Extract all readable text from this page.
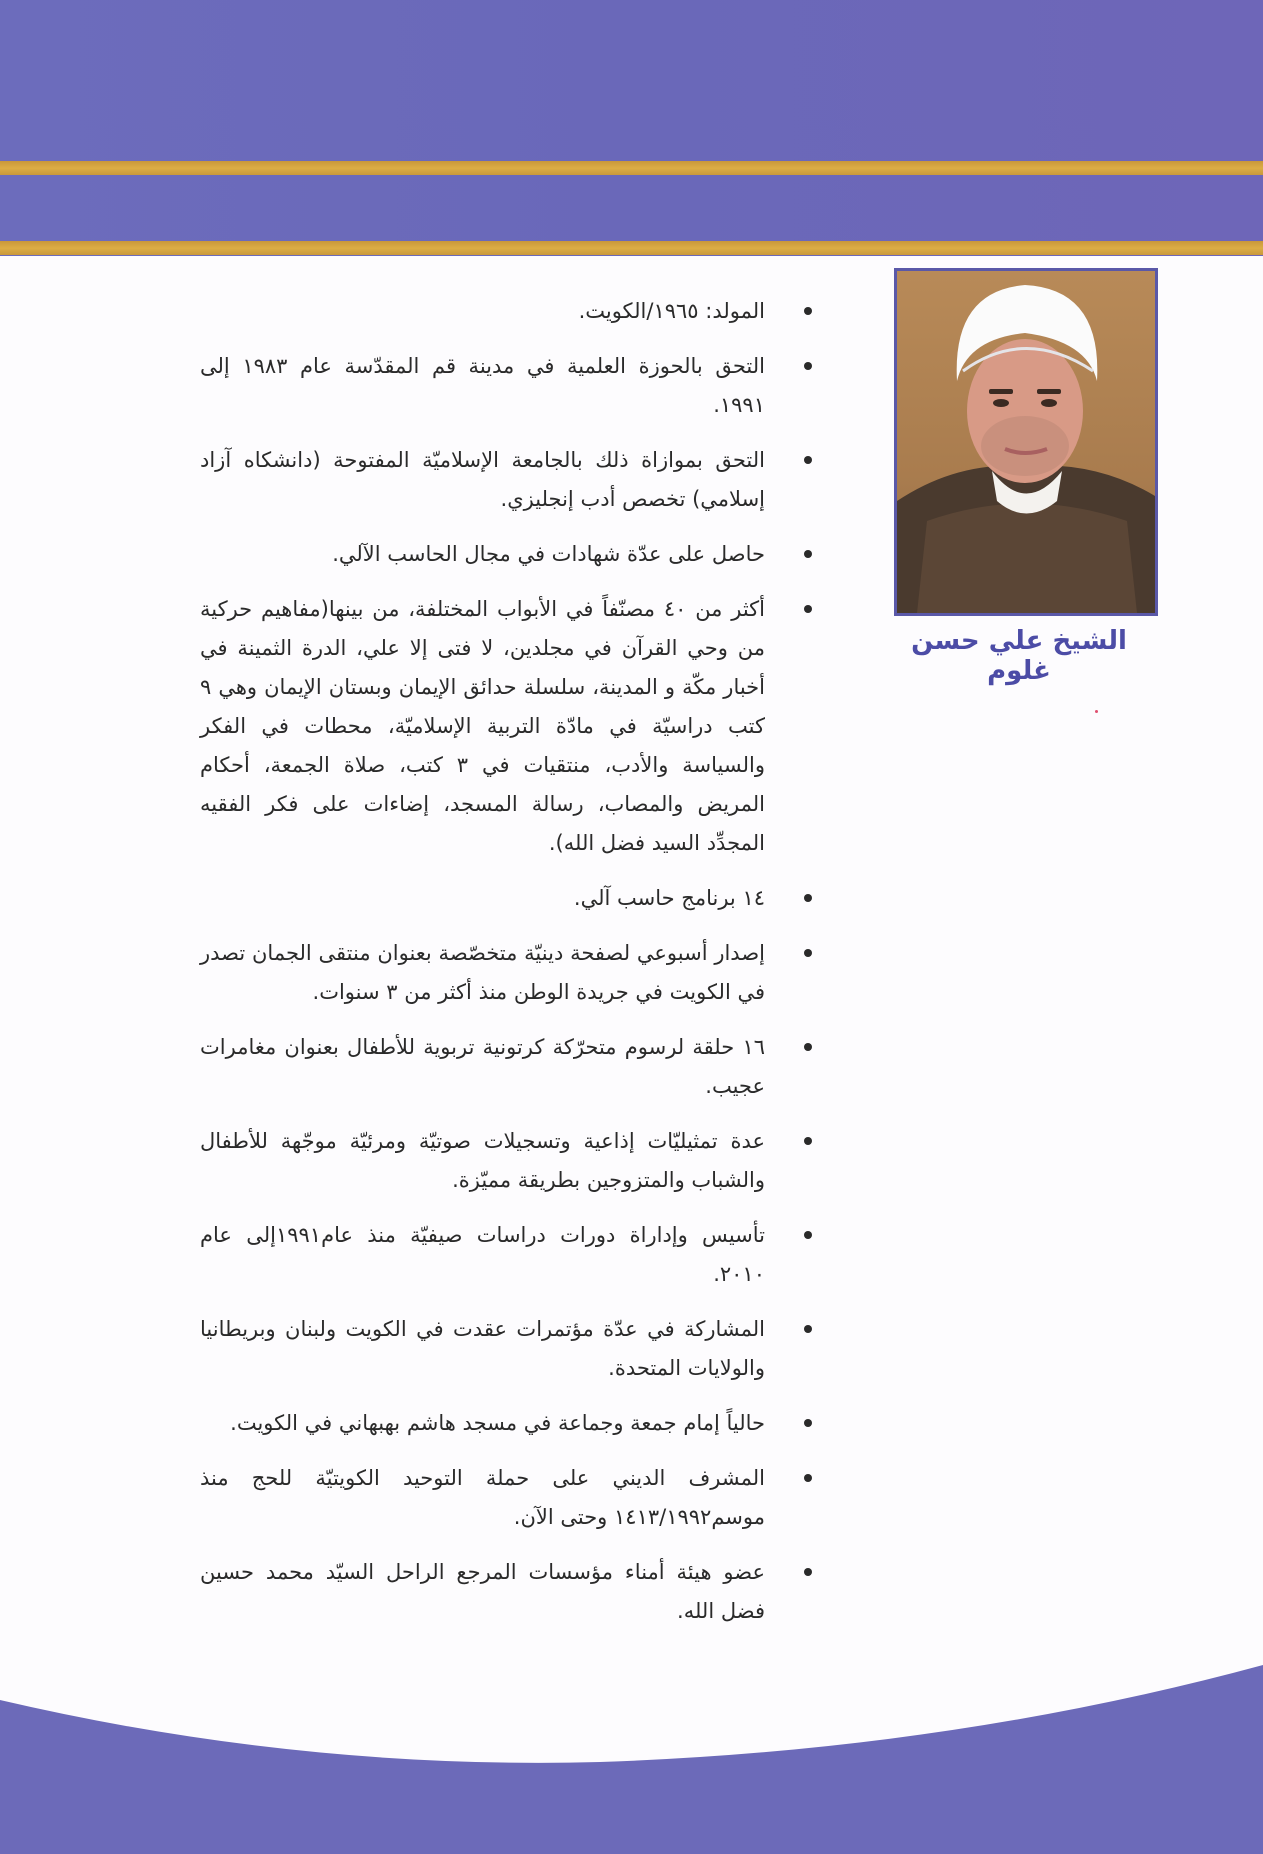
الشيخ علي حسن غلوم
المولد: ١٩٦٥/الكويت.
التحق بالحوزة العلمية في مدينة قم المقدّسة عام ١٩٨٣ إلى ١٩٩١.
التحق بموازاة ذلك بالجامعة الإسلاميّة المفتوحة (دانشكاه آزاد إسلامي) تخصص أدب إنجليزي.
حاصل على عدّة شهادات في مجال الحاسب الآلي.
أكثر من ٤٠ مصنّفاً في الأبواب المختلفة، من بينها(مفاهيم حركية من وحي القرآن في مجلدين، لا فتى إلا علي، الدرة الثمينة في أخبار مكّة و المدينة، سلسلة حدائق الإيمان وبستان الإيمان وهي ٩ كتب دراسيّة في مادّة التربية الإسلاميّة، محطات في الفكر والسياسة والأدب، منتقيات في ٣ كتب، صلاة الجمعة، أحكام المريض والمصاب، رسالة المسجد، إضاءات على فكر الفقيه المجدِّد السيد فضل الله).
١٤ برنامج حاسب آلي.
إصدار أسبوعي لصفحة دينيّة متخصّصة بعنوان منتقى الجمان تصدر في الكويت في جريدة الوطن منذ أكثر من ٣ سنوات.
١٦ حلقة لرسوم متحرّكة كرتونية تربوية للأطفال بعنوان مغامرات عجيب.
عدة تمثيليّات إذاعية وتسجيلات صوتيّة ومرئيّة موجّهة للأطفال والشباب والمتزوجين بطريقة مميّزة.
تأسيس وإداراة دورات دراسات صيفيّة منذ عام١٩٩١إلى عام ٢٠١٠.
المشاركة في عدّة مؤتمرات عقدت في الكويت ولبنان وبريطانيا والولايات المتحدة.
حالياً إمام جمعة وجماعة في مسجد هاشم بهبهاني في الكويت.
المشرف الديني على حملة التوحيد الكويتيّة للحج منذ موسم١٤١٣/١٩٩٢ وحتى الآن.
عضو هيئة أمناء مؤسسات المرجع الراحل السيّد محمد حسين فضل الله.
